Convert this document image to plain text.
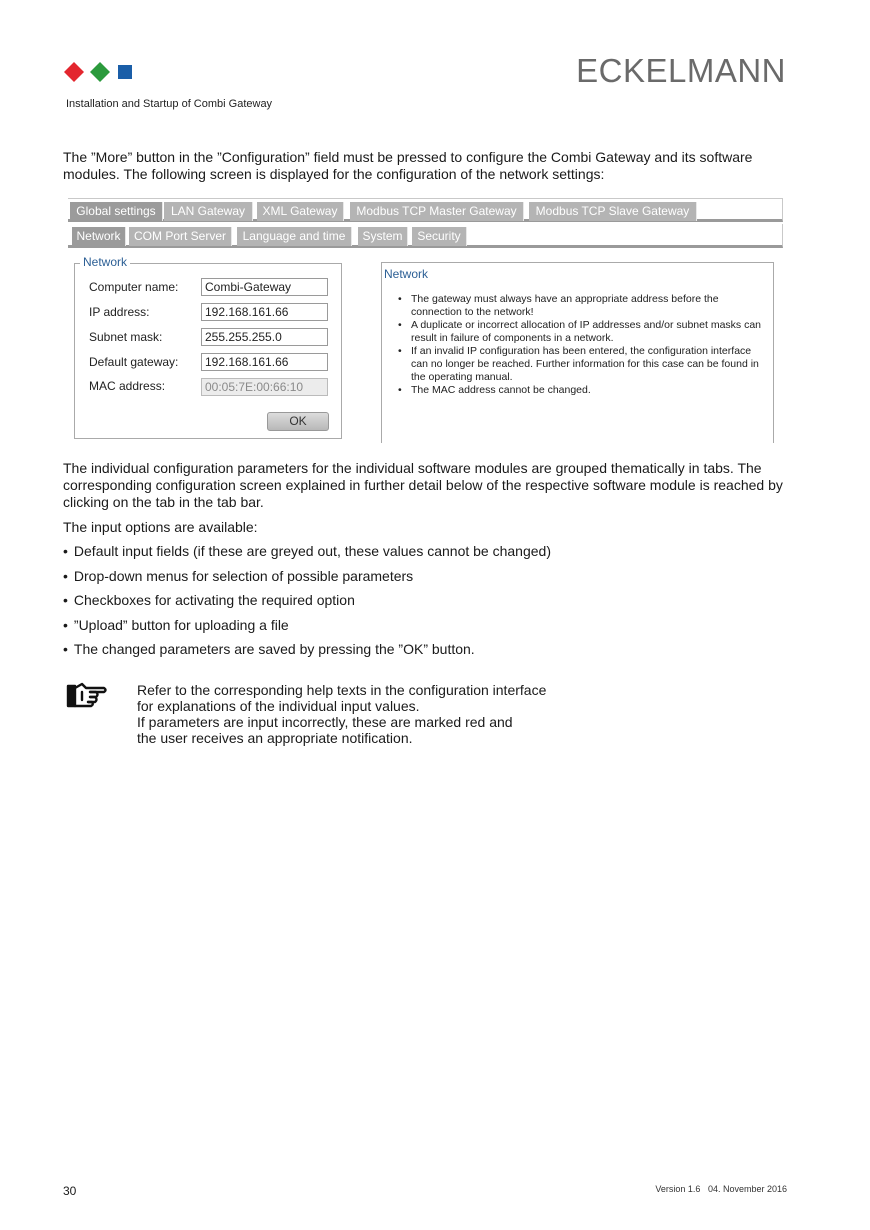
ECKELMANN
Installation and Startup of Combi Gateway
The ”More” button in the ”Configuration” field must be pressed to configure the Combi Gateway and its software modules. The following screen is displayed for the configuration of the network settings:
Global settings	LAN Gateway	XML Gateway	Modbus TCP Master Gateway	Modbus TCP Slave Gateway
Network	COM Port Server	Language and time	System	Security
Network
Computer name:
Combi-Gateway
IP address:
192.168.161.66
Subnet mask:
255.255.255.0
Default gateway:
192.168.161.66
MAC address:
00:05:7E:00:66:10
OK
Network
• The gateway must always have an appropriate address before the connection to the network!
• A duplicate or incorrect allocation of IP addresses and/or subnet masks can result in failure of components in a network.
• If an invalid IP configuration has been entered, the configuration interface can no longer be reached. Further information for this case can be found in the operating manual.
• The MAC address cannot be changed.
The individual configuration parameters for the individual software modules are grouped thematically in tabs. The corresponding configuration screen explained in further detail below of the respective software module is reached by clicking on the tab in the tab bar.
The input options are available:
• Default input fields (if these are greyed out, these values cannot be changed)
• Drop-down menus for selection of possible parameters
• Checkboxes for activating the required option
• ”Upload” button for uploading a file
• The changed parameters are saved by pressing the ”OK” button.
Refer to the corresponding help texts in the configuration interface
for explanations of the individual input values.
If parameters are input incorrectly, these are marked red and
the user receives an appropriate notification.
30	Version 1.6   04. November 2016
